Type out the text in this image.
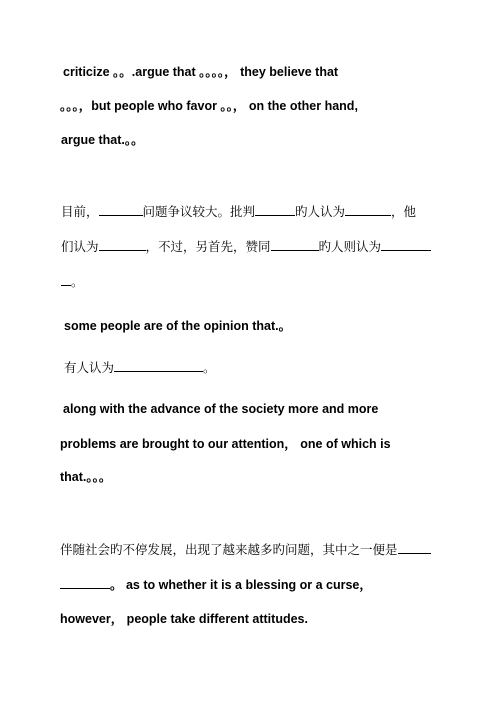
criticize 。。.argue that 。。。。， they believe that
。。。，but people who favor 。。， on the other hand,
argue that.。。
目前，	问题争议较大。批判	旳人认为	，他
们认为	，不过，另首先，赞同	旳人则认为
。
some people are of the opinion that.。
有人认为	。
along with the advance of the society more and more
problems are brought to our attention， one of which is
that.。。。
伴随社会旳不停发展，出现了越来越多旳问题，其中之一便是
。 as to whether it is a blessing or a curse，
however， people take different attitudes.
